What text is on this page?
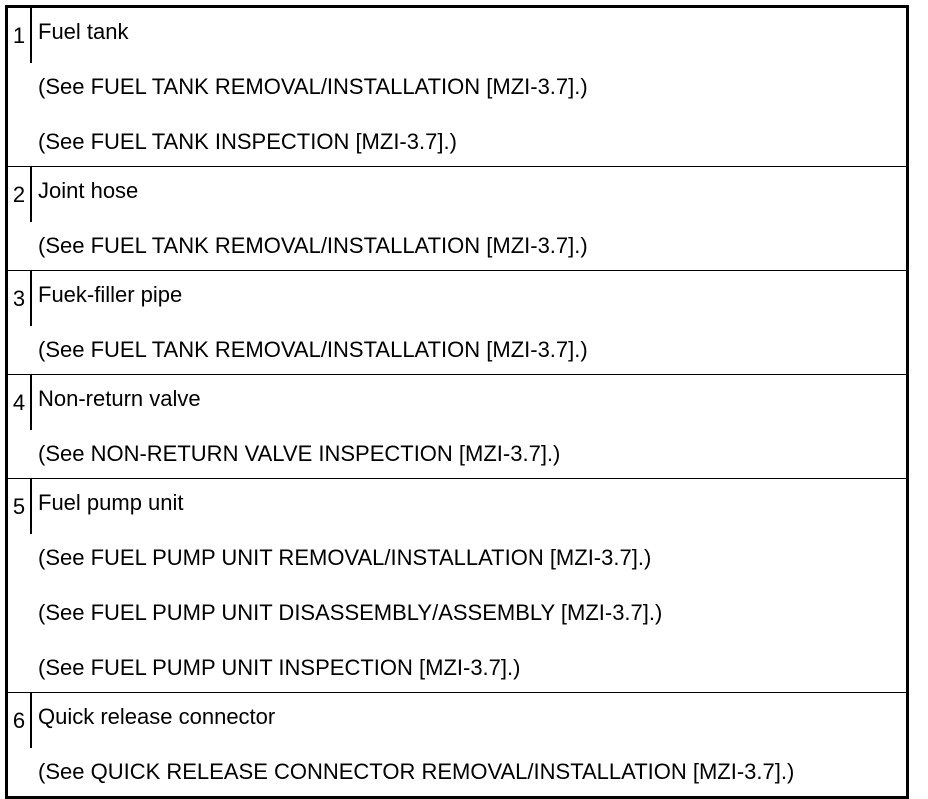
1 Fuel tank
(See FUEL TANK REMOVAL/INSTALLATION [MZI-3.7].)
(See FUEL TANK INSPECTION [MZI-3.7].)
2 Joint hose
(See FUEL TANK REMOVAL/INSTALLATION [MZI-3.7].)
3 Fuek-filler pipe
(See FUEL TANK REMOVAL/INSTALLATION [MZI-3.7].)
4 Non-return valve
(See NON-RETURN VALVE INSPECTION [MZI-3.7].)
5 Fuel pump unit
(See FUEL PUMP UNIT REMOVAL/INSTALLATION [MZI-3.7].)
(See FUEL PUMP UNIT DISASSEMBLY/ASSEMBLY [MZI-3.7].)
(See FUEL PUMP UNIT INSPECTION [MZI-3.7].)
6 Quick release connector
(See QUICK RELEASE CONNECTOR REMOVAL/INSTALLATION [MZI-3.7].)
